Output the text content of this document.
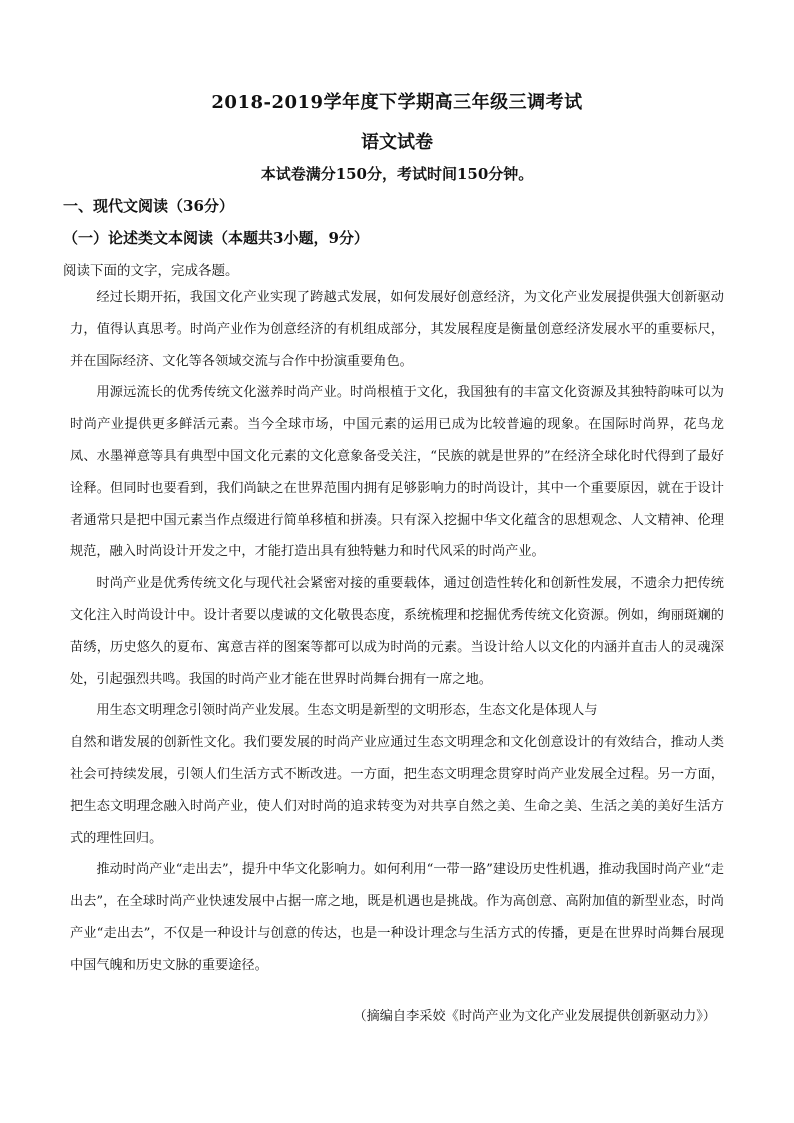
2018-2019学年度下学期高三年级三调考试
语文试卷
本试卷满分150分，考试时间150分钟。
一、现代文阅读（36分）
（一）论述类文本阅读（本题共3小题，9分）
阅读下面的文字，完成各题。

经过长期开拓，我国文化产业实现了跨越式发展，如何发展好创意经济，为文化产业发展提供强大创新驱动力，值得认真思考。时尚产业作为创意经济的有机组成部分，其发展程度是衡量创意经济发展水平的重要标尺，并在国际经济、文化等各领域交流与合作中扮演重要角色。

用源远流长的优秀传统文化滋养时尚产业。时尚根植于文化，我国独有的丰富文化资源及其独特韵味可以为时尚产业提供更多鲜活元素。当今全球市场，中国元素的运用已成为比较普遍的现象。在国际时尚界，花鸟龙凤、水墨禅意等具有典型中国文化元素的文化意象备受关注，“民族的就是世界的”在经济全球化时代得到了最好诠释。但同时也要看到，我们尚缺之在世界范围内拥有足够影响力的时尚设计，其中一个重要原因，就在于设计者通常只是把中国元素当作点缀进行简单移植和拼凑。只有深入挖掘中华文化蕴含的思想观念、人文精神、伦理规范，融入时尚设计开发之中，才能打造出具有独特魅力和时代风采的时尚产业。

时尚产业是优秀传统文化与现代社会紧密对接的重要载体，通过创造性转化和创新性发展，不遗余力把传统文化注入时尚设计中。设计者要以虔诚的文化敬畏态度，系统梳理和挖掘优秀传统文化资源。例如，绚丽斑斓的苗绣，历史悠久的夏布、寓意吉祥的图案等都可以成为时尚的元素。当设计给人以文化的内涵并直击人的灵魂深处，引起强烈共鸣。我国的时尚产业才能在世界时尚舞台拥有一席之地。

用生态文明理念引领时尚产业发展。生态文明是新型的文明形态，生态文化是体现人与

自然和谐发展的创新性文化。我们要发展的时尚产业应通过生态文明理念和文化创意设计的有效结合，推动人类社会可持续发展，引领人们生活方式不断改进。一方面，把生态文明理念贯穿时尚产业发展全过程。另一方面，把生态文明理念融入时尚产业，使人们对时尚的追求转变为对共享自然之美、生命之美、生活之美的美好生活方式的理性回归。

推动时尚产业“走出去”，提升中华文化影响力。如何利用“一带一路”建设历史性机遇，推动我国时尚产业“走出去”，在全球时尚产业快速发展中占据一席之地，既是机遇也是挑战。作为高创意、高附加值的新型业态，时尚产业“走出去”，不仅是一种设计与创意的传达，也是一种设计理念与生活方式的传播，更是在世界时尚舞台展现中国气魄和历史文脉的重要途径。

（摘编自李采姣《时尚产业为文化产业发展提供创新驱动力》）
